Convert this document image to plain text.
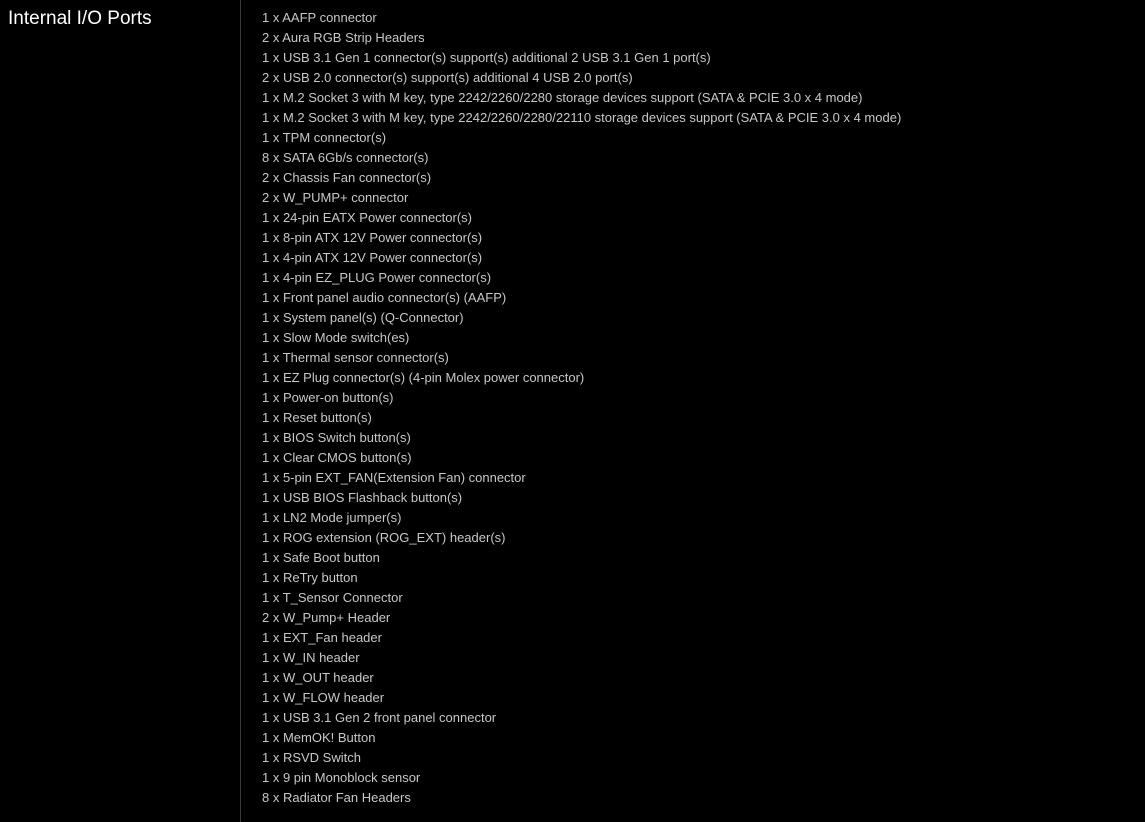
Internal I/O Ports	1 x AAFP connector
2 x Aura RGB Strip Headers
1 x USB 3.1 Gen 1 connector(s) support(s) additional 2 USB 3.1 Gen 1 port(s)
2 x USB 2.0 connector(s) support(s) additional 4 USB 2.0 port(s)
1 x M.2 Socket 3 with M key, type 2242/2260/2280 storage devices support (SATA & PCIE 3.0 x 4 mode)
1 x M.2 Socket 3 with M key, type 2242/2260/2280/22110 storage devices support (SATA & PCIE 3.0 x 4 mode)
1 x TPM connector(s)
8 x SATA 6Gb/s connector(s)
2 x Chassis Fan connector(s)
2 x W_PUMP+ connector
1 x 24-pin EATX Power connector(s)
1 x 8-pin ATX 12V Power connector(s)
1 x 4-pin ATX 12V Power connector(s)
1 x 4-pin EZ_PLUG Power connector(s)
1 x Front panel audio connector(s) (AAFP)
1 x System panel(s) (Q-Connector)
1 x Slow Mode switch(es)
1 x Thermal sensor connector(s)
1 x EZ Plug connector(s) (4-pin Molex power connector)
1 x Power-on button(s)
1 x Reset button(s)
1 x BIOS Switch button(s)
1 x Clear CMOS button(s)
1 x 5-pin EXT_FAN(Extension Fan) connector
1 x USB BIOS Flashback button(s)
1 x LN2 Mode jumper(s)
1 x ROG extension (ROG_EXT) header(s)
1 x Safe Boot button
1 x ReTry button
1 x T_Sensor Connector
2 x W_Pump+ Header
1 x EXT_Fan header
1 x W_IN header
1 x W_OUT header
1 x W_FLOW header
1 x USB 3.1 Gen 2 front panel connector
1 x MemOK! Button
1 x RSVD Switch
1 x 9 pin Monoblock sensor
8 x Radiator Fan Headers
